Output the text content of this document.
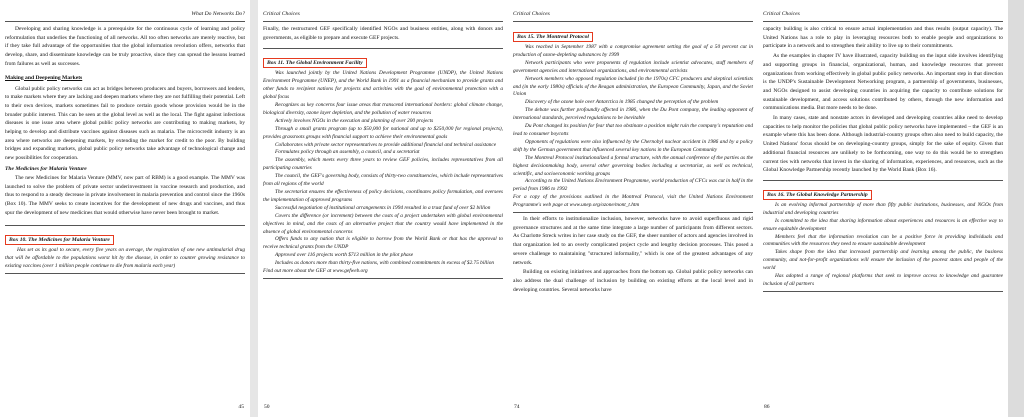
What Do Networks Do?

Developing and sharing knowledge is a prerequisite for the continuous cycle of learning and policy reformulation that underlies the functioning of all networks. All too often networks are merely reactive, but if they take full advantage of the opportunities that the global information revolution offers, networks that develop, share, and disseminate knowledge can be truly proactive, since they can spread the lessons learned from failures as well as successes.

Making and Deepening Markets

Global public policy networks can act as bridges between producers and buyers, borrowers and lenders, to make markets where they are lacking and deepen markets where they are not fulfilling their potential. Left to their own devices, markets sometimes fail to produce certain goods whose provision would be in the broader public interest. This can be seen at the global level as well as the local. The fight against infectious diseases is one issue area where global public policy networks are contributing to making markets, by helping to develop and distribute vaccines against diseases such as malaria. The microcredit industry is an area where networks are deepening markets, by extending the market for credit to the poor. By building bridges and expanding markets, global public policy networks take advantage of technological change and new possibilities for cooperation.

The Medicines for Malaria Venture

The new Medicines for Malaria Venture (MMV, now part of RBM) is a good example. The MMV was launched to solve the problem of private sector underinvestment in vaccine research and production, and thus to respond to a steady decrease in private involvement in malaria prevention and control since the 1960s (Box 10). The MMV seeks to create incentives for the development of new drugs and vaccines, and thus spur the development of new medicines that would otherwise have never been brought to market.

Box 10. The Medicines for Malaria Venture

Has set as its goal to secure, every five years on average, the registration of one new antimalarial drug that will be affordable to the populations worst hit by the disease, in order to counter growing resistance to existing vaccines (over 1 million people continue to die from malaria each year)

45
Critical Choices

Finally, the restructured GEF specifically identified NGOs and business entities, along with donors and governments, as eligible to prepare and execute GEF projects.

Box 11. The Global Environment Facility

Was launched jointly by the United Nations Development Programme (UNDP), the United Nations Environment Programme (UNEP), and the World Bank in 1991 as a financial mechanism to provide grants and other funds to recipient nations for projects and activities with the goal of environmental protection with a global focus

Recognizes as key concerns four issue areas that transcend international borders: global climate change, biological diversity, ozone layer depletion, and the pollution of water resources

Actively involves NGOs in the execution and planning of over 200 projects

Through a small grants program (up to $50,000 for national and up to $250,000 for regional projects), provides grassroots groups with financial support to achieve their environmental goals

Collaborates with private sector representatives to provide additional financial and technical assistance

Formulates policy through an assembly, a council, and a secretariat

The assembly, which meets every three years to review GEF policies, includes representatives from all participating countries

The council, the GEF's governing body, consists of thirty-two constituencies, which include representatives from all regions of the world

The secretariat ensures the effectiveness of policy decisions, coordinates policy formulation, and oversees the implementation of approved programs

Successful negotiation of institutional arrangements in 1994 resulted in a trust fund of over $2 billion

Covers the difference (or increment) between the costs of a project undertaken with global environmental objectives in mind, and the costs of an alternative project that the country would have implemented in the absence of global environmental concerns

Offers funds to any nation that is eligible to borrow from the World Bank or that has the approval to receive technical grants from the UNDP

Approved over 116 projects worth $713 million in the pilot phase

Includes as donors more than thirty-five nations, with combined commitments in excess of $2.75 billion

Find out more about the GEF at www.gefweb.org

50
Critical Choices
Box 15. The Montreal Protocol

Was reached in September 1987 with a compromise agreement setting the goal of a 50 percent cut in production of ozone-depleting substances by 1999

Network participants who were proponents of regulation include scientist advocates, staff members of government agencies and international organizations, and environmental activists

Network members who opposed regulation included (in the 1970s) CFC producers and skeptical scientists and (in the early 1980s) officials of the Reagan administration, the European Community, Japan, and the Soviet Union

Discovery of the ozone hole over Antarctica in 1985 changed the perception of the problem

The debate was further profoundly affected in 1986, when the Du Pont company, the leading opponent of international standards, perceived regulations to be inevitable

Du Pont changed its position for fear that too obstinate a position might ruin the company's reputation and lead to consumer boycotts

Opponents of regulations were also influenced by the Chernobyl nuclear accident in 1986 and by a policy shift by the German government that influenced several key nations in the European Community

The Montreal Protocol institutionalized a formal structure, with the annual conference of the parties as the highest decisionmaking body, several other governing bodies including a secretariat, as well as technical, scientific, and socioeconomic working groups

According to the United Nations Environment Programme, world production of CFCs was cut in half in the period from 1986 to 1992

For a copy of the provisions outlined in the Montreal Protocol, visit the United Nations Environment Programme's web page at www.unep.org/ozone/mont_t.htm

In their efforts to institutionalize inclusion, however, networks have to avoid superfluous and rigid governance structures and at the same time integrate a large number of participants from different sectors. As Charlotte Streck writes in her case study on the GEF, the sheer number of actors and agencies involved in that organization led to an overly complicated project cycle and lengthy decision processes. This posed a severe challenge to maintaining "structured informality," which is one of the greatest advantages of any network.

Building on existing initiatives and approaches from the bottom up. Global public policy networks can also address the dual challenge of inclusion by building on existing efforts at the local level and in developing countries. Several networks have

74
Critical Choices

capacity building is also critical to ensure actual implementation and thus results (output capacity). The United Nations has a role to play in leveraging resources both to enable people and organizations to participate in a network and to strengthen their ability to live up to their commitments.

As the examples in chapter IV have illustrated, capacity building on the input side involves identifying and supporting groups in financial, organizational, human, and knowledge resources that prevent organizations from working effectively in global public policy networks. An important step in that direction is the UNDP's Sustainable Development Networking program, a partnership of governments, businesses, and NGOs designed to assist developing countries in acquiring the capacity to contribute solutions for sustainable development, and access solutions contributed by others, through the new information and communications media. But more needs to be done.

In many cases, state and nonstate actors in developed and developing countries alike need to develop capacities to help monitor the policies that global public policy networks have implemented – the GEF is an example where this has been done. Although industrial-country groups often also need to build capacity, the United Nations' focus should be on developing-country groups, simply for the sake of equity. Given that additional financial resources are unlikely to be forthcoming, one way to do this would be to strengthen current ties with networks that invest in the sharing of information, experiences, and resources, such as the Global Knowledge Partnership recently launched by the World Bank (Box 16).

Box 16. The Global Knowledge Partnership

Is an evolving informal partnership of more than fifty public institutions, businesses, and NGOs from industrial and developing countries

Is committed to the idea that sharing information about experiences and resources is an effective way to ensure equitable development

Members feel that the information revolution can be a positive force in providing individuals and communities with the resources they need to ensure sustainable development

Takes shape from the idea that increased partnership and learning among the public, the business community, and not-for-profit organizations will ensure the inclusion of the poorest states and people of the world

Has adopted a range of regional platforms that seek to improve access to knowledge and guarantee inclusion of all partners

86
